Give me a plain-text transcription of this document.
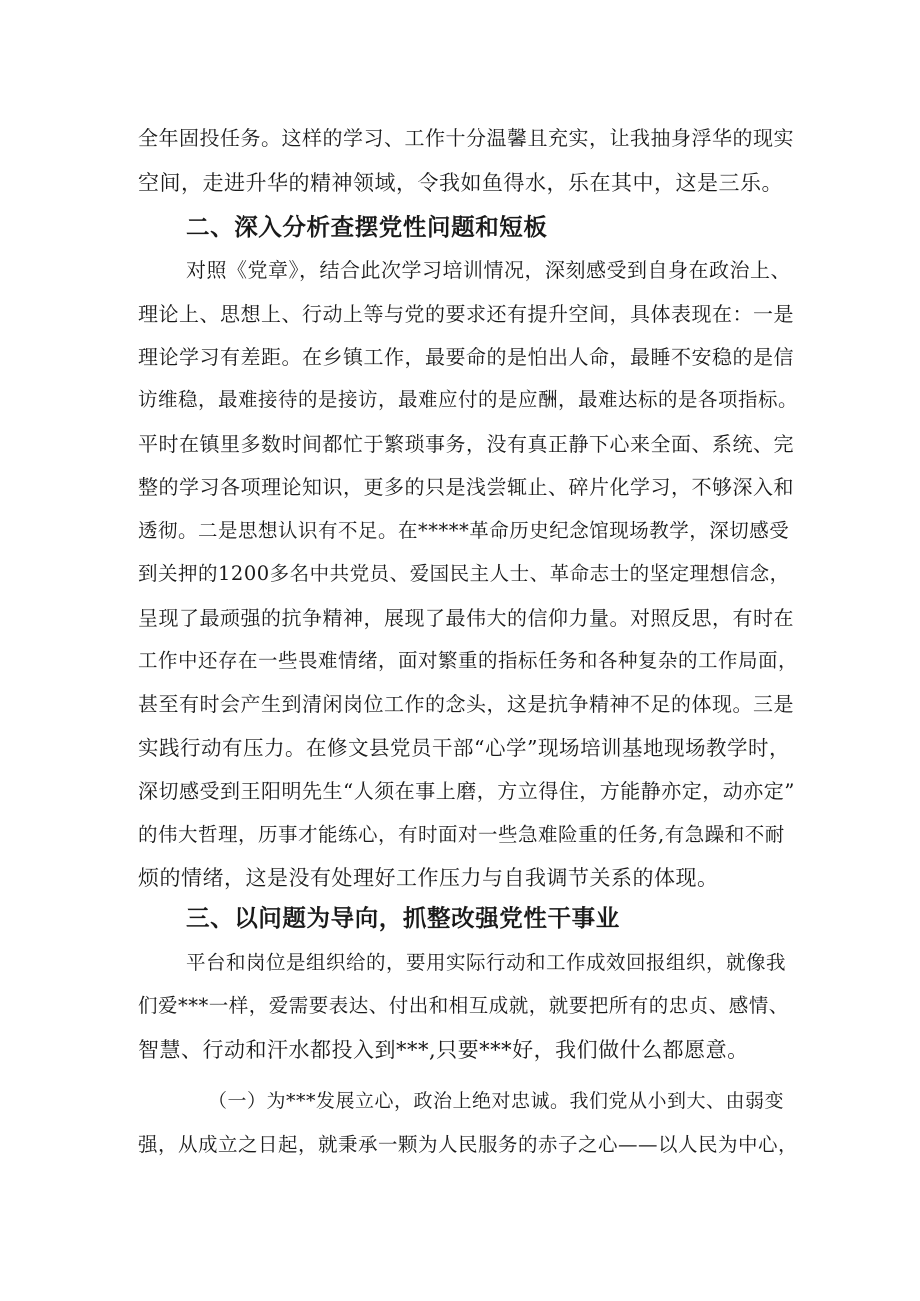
全年固投任务。这样的学习、工作十分温馨且充实，让我抽身浮华的现实
空间，走进升华的精神领域，令我如鱼得水，乐在其中，这是三乐。
二、深入分析查摆党性问题和短板
对照《党章》，结合此次学习培训情况，深刻感受到自身在政治上、
理论上、思想上、行动上等与党的要求还有提升空间，具体表现在：一是
理论学习有差距。在乡镇工作，最要命的是怕出人命，最睡不安稳的是信
访维稳，最难接待的是接访，最难应付的是应酬，最难达标的是各项指标。
平时在镇里多数时间都忙于繁琐事务，没有真正静下心来全面、系统、完
整的学习各项理论知识，更多的只是浅尝辄止、碎片化学习，不够深入和
透彻。二是思想认识有不足。在*****革命历史纪念馆现场教学，深切感受
到关押的1200多名中共党员、爱国民主人士、革命志士的坚定理想信念，
呈现了最顽强的抗争精神，展现了最伟大的信仰力量。对照反思，有时在
工作中还存在一些畏难情绪，面对繁重的指标任务和各种复杂的工作局面，
甚至有时会产生到清闲岗位工作的念头，这是抗争精神不足的体现。三是
实践行动有压力。在修文县党员干部“心学”现场培训基地现场教学时，
深切感受到王阳明先生“人须在事上磨，方立得住，方能静亦定，动亦定”
的伟大哲理，历事才能练心，有时面对一些急难险重的任务,有急躁和不耐
烦的情绪，这是没有处理好工作压力与自我调节关系的体现。
三、以问题为导向，抓整改强党性干事业
平台和岗位是组织给的，要用实际行动和工作成效回报组织，就像我
们爱***一样，爱需要表达、付出和相互成就，就要把所有的忠贞、感情、
智慧、行动和汗水都投入到***,只要***好，我们做什么都愿意。
（一）为***发展立心，政治上绝对忠诚。我们党从小到大、由弱变
强，从成立之日起，就秉承一颗为人民服务的赤子之心——以人民为中心，
